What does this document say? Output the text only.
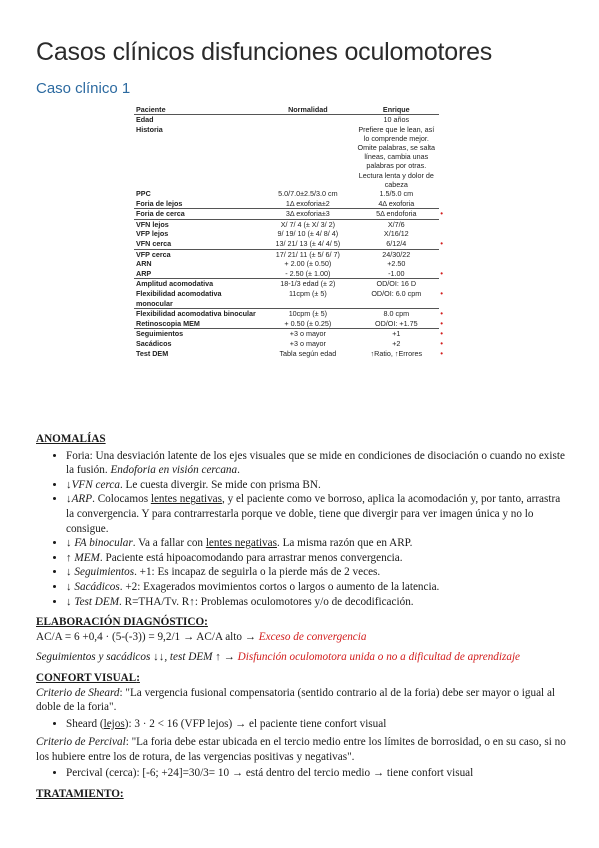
Casos clínicos disfunciones oculomotores
Caso clínico 1
Paciente	Normalidad	Enrique
Edad		10 años
Historia		Prefiere que le lean, así lo comprende mejor. Omite palabras, se salta líneas, cambia unas palabras por otras. Lectura lenta y dolor de cabeza
PPC	5.0/7.0±2.5/3.0 cm	1.5/5.0 cm
Foria de lejos	1Δ exoforia±2	4Δ exoforia
Foria de cerca	3Δ exoforia±3	5Δ endoforia •

VFN lejos	X/ 7/ 4 (± X/ 3/ 2)	X/7/6
VFP lejos	9/ 19/ 10 (± 4/ 8/ 4)	X/16/12
VFN cerca	13/ 21/ 13 (± 4/ 4/ 5)	6/12/4 •

VFP cerca	17/ 21/ 11 (± 5/ 6/ 7)	24/30/22
ARN	+ 2.00 (± 0.50)	+2.50
ARP	- 2.50 (± 1.00)	-1.00 •

Amplitud acomodativa	18-1/3 edad (± 2)	OD/OI: 16 D
Flexibilidad acomodativa monocular	11cpm (± 5)	OD/OI: 6.0 cpm •

Flexibilidad acomodativa binocular	10cpm (± 5)	8.0 cpm •

Retinoscopia MEM	+ 0.50 (± 0.25)	OD/OI: +1.75 •

Seguimientos	+3 o mayor	+1 •

Sacádicos	+3 o mayor	+2 •

Test DEM	Tabla según edad	↑Ratio, ↑Errores •

ANOMALÍAS

• Foria: Una desviación latente de los ejes visuales que se mide en condiciones de disociación o cuando no existe la fusión. Endoforia en visión cercana.
• ↓VFN cerca. Le cuesta divergir. Se mide con prisma BN.
• ↓ARP. Colocamos lentes negativas, y el paciente como ve borroso, aplica la acomodación y, por tanto, arrastra la convergencia. Y para contrarrestarla porque ve doble, tiene que divergir para ver imagen única y no lo consigue.
• ↓ FA binocular. Va a fallar con lentes negativas. La misma razón que en ARP.
• ↑ MEM. Paciente está hipoacomodando para arrastrar menos convergencia.
• ↓ Seguimientos. +1: Es incapaz de seguirla o la pierde más de 2 veces.
• ↓ Sacádicos. +2: Exagerados movimientos cortos o largos o aumento de la latencia.
• ↓ Test DEM. R=THA/Tv. R↑: Problemas oculomotores y/o de decodificación.

ELABORACIÓN DIAGNÓSTICO:

AC/A = 6 +0,4 · (5-(-3)) = 9,2/1 → AC/A alto → Exceso de convergencia

Seguimientos y sacádicos ↓↓, test DEM ↑ → Disfunción oculomotora unida o no a dificultad de aprendizaje

CONFORT VISUAL:

Criterio de Sheard: "La vergencia fusional compensatoria (sentido contrario al de la foria) debe ser mayor o igual al doble de la foria".

• Sheard (lejos): 3 · 2 < 16 (VFP lejos) → el paciente tiene confort visual

Criterio de Percival: "La foria debe estar ubicada en el tercio medio entre los límites de borrosidad, o en su caso, si no los hubiere entre los de rotura, de las vergencias positivas y negativas".

• Percival (cerca): [-6; +24]=30/3= 10 → está dentro del tercio medio → tiene confort visual

TRATAMIENTO:
